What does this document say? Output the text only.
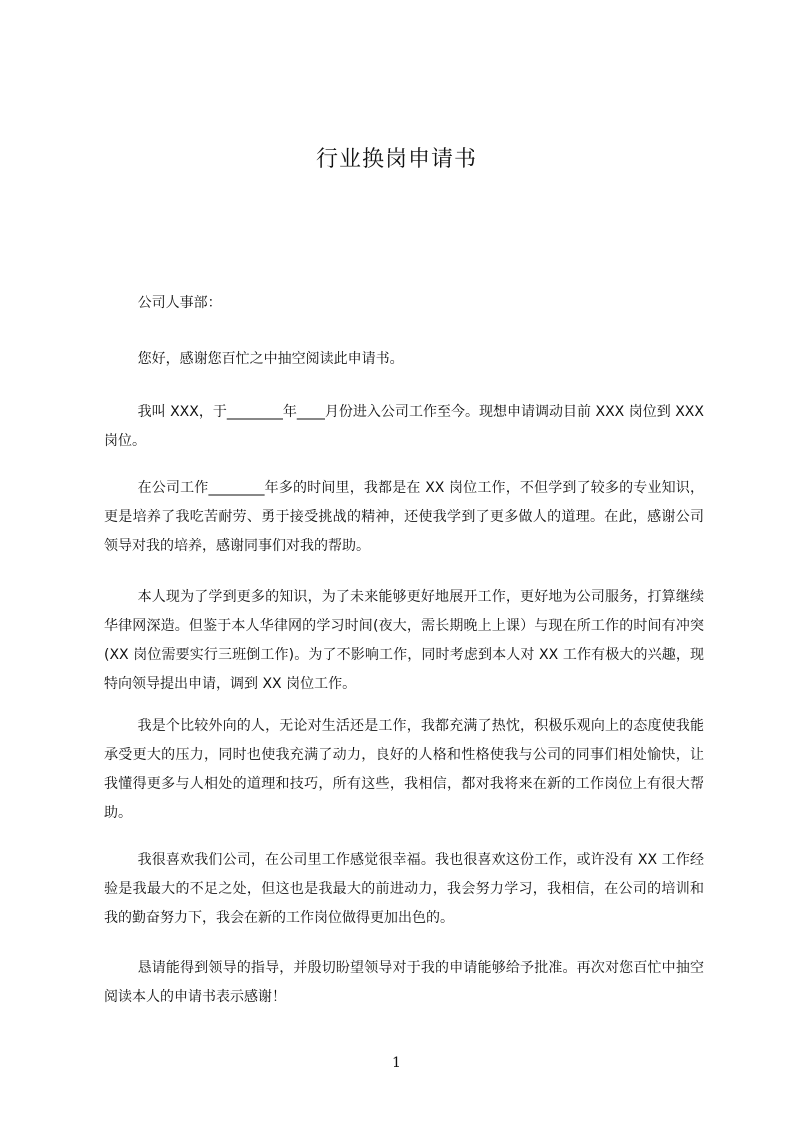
行业换岗申请书

公司人事部：

您好，感谢您百忙之中抽空阅读此申请书。

我叫 XXX，于________年____月份进入公司工作至今。现想申请调动目前 XXX 岗位到 XXX 岗位。

在公司工作________年多的时间里，我都是在 XX 岗位工作，不但学到了较多的专业知识，更是培养了我吃苦耐劳、勇于接受挑战的精神，还使我学到了更多做人的道理。在此，感谢公司领导对我的培养，感谢同事们对我的帮助。

本人现为了学到更多的知识，为了未来能够更好地展开工作，更好地为公司服务，打算继续华律网深造。但鉴于本人华律网的学习时间(夜大，需长期晚上上课）与现在所工作的时间有冲突(XX 岗位需要实行三班倒工作)。为了不影响工作，同时考虑到本人对 XX 工作有极大的兴趣，现特向领导提出申请，调到 XX 岗位工作。

我是个比较外向的人，无论对生活还是工作，我都充满了热忱，积极乐观向上的态度使我能承受更大的压力，同时也使我充满了动力，良好的人格和性格使我与公司的同事们相处愉快，让我懂得更多与人相处的道理和技巧，所有这些，我相信，都对我将来在新的工作岗位上有很大帮助。

我很喜欢我们公司，在公司里工作感觉很幸福。我也很喜欢这份工作，或许没有 XX 工作经验是我最大的不足之处，但这也是我最大的前进动力，我会努力学习，我相信，在公司的培训和我的勤奋努力下，我会在新的工作岗位做得更加出色的。

恳请能得到领导的指导，并殷切盼望领导对于我的申请能够给予批准。再次对您百忙中抽空阅读本人的申请书表示感谢！

1
